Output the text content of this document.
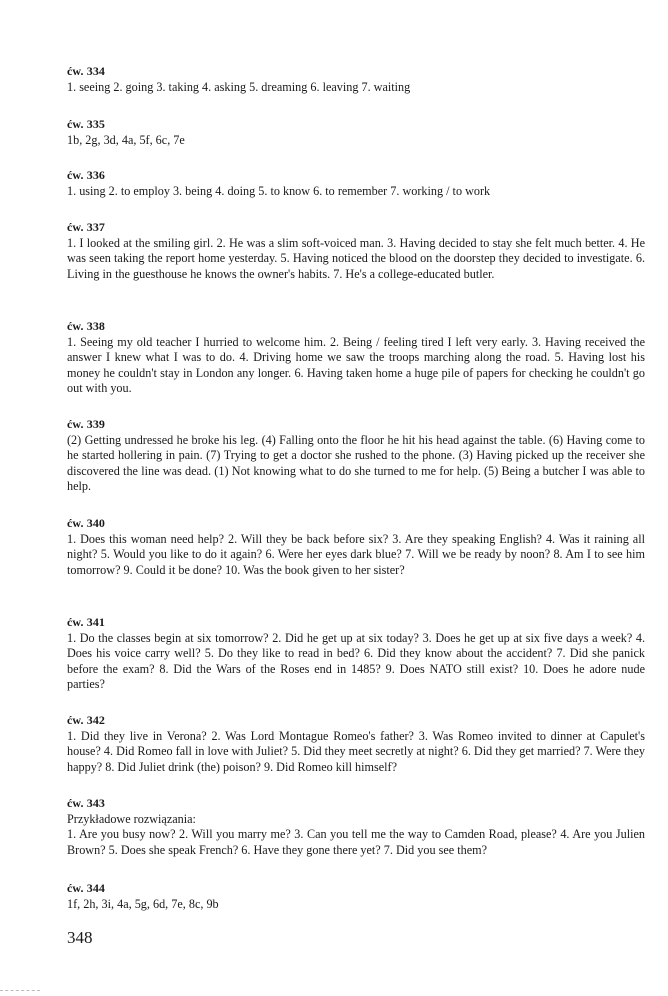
ćw. 334

1. seeing 2. going 3. taking 4. asking 5. dreaming 6. leaving 7. waiting

ćw. 335

1b, 2g, 3d, 4a, 5f, 6c, 7e

ćw. 336

1. using 2. to employ 3. being 4. doing 5. to know 6. to remember 7. working / to work

ćw. 337

1. I looked at the smiling girl. 2. He was a slim soft-voiced man. 3. Having decided to stay she felt much better. 4. He was seen taking the report home yesterday. 5. Having noticed the blood on the doorstep they decided to investigate. 6. Living in the guesthouse he knows the owner's habits. 7. He's a college-educated butler.

ćw. 338

1. Seeing my old teacher I hurried to welcome him. 2. Being / feeling tired I left very early. 3. Having received the answer I knew what I was to do. 4. Driving home we saw the troops marching along the road. 5. Having lost his money he couldn't stay in London any longer. 6. Having taken home a huge pile of papers for checking he couldn't go out with you.

ćw. 339

(2) Getting undressed he broke his leg. (4) Falling onto the floor he hit his head against the table. (6) Having come to he started hollering in pain. (7) Trying to get a doctor she rushed to the phone. (3) Having picked up the receiver she discovered the line was dead. (1) Not knowing what to do she turned to me for help. (5) Being a butcher I was able to help.

ćw. 340

1. Does this woman need help? 2. Will they be back before six? 3. Are they speaking English? 4. Was it raining all night? 5. Would you like to do it again? 6. Were her eyes dark blue? 7. Will we be ready by noon? 8. Am I to see him tomorrow? 9. Could it be done? 10. Was the book given to her sister?

ćw. 341

1. Do the classes begin at six tomorrow? 2. Did he get up at six today? 3. Does he get up at six five days a week? 4. Does his voice carry well? 5. Do they like to read in bed? 6. Did they know about the accident? 7. Did she panick before the exam? 8. Did the Wars of the Roses end in 1485? 9. Does NATO still exist? 10. Does he adore nude parties?

ćw. 342

1. Did they live in Verona? 2. Was Lord Montague Romeo's father? 3. Was Romeo invited to dinner at Capulet's house? 4. Did Romeo fall in love with Juliet? 5. Did they meet secretly at night? 6. Did they get married? 7. Were they happy? 8. Did Juliet drink (the) poison? 9. Did Romeo kill himself?

ćw. 343

Przykładowe rozwiązania:

1. Are you busy now? 2. Will you marry me? 3. Can you tell me the way to Camden Road, please? 4. Are you Julien Brown? 5. Does she speak French? 6. Have they gone there yet? 7. Did you see them?

ćw. 344

1f, 2h, 3i, 4a, 5g, 6d, 7e, 8c, 9b

348
